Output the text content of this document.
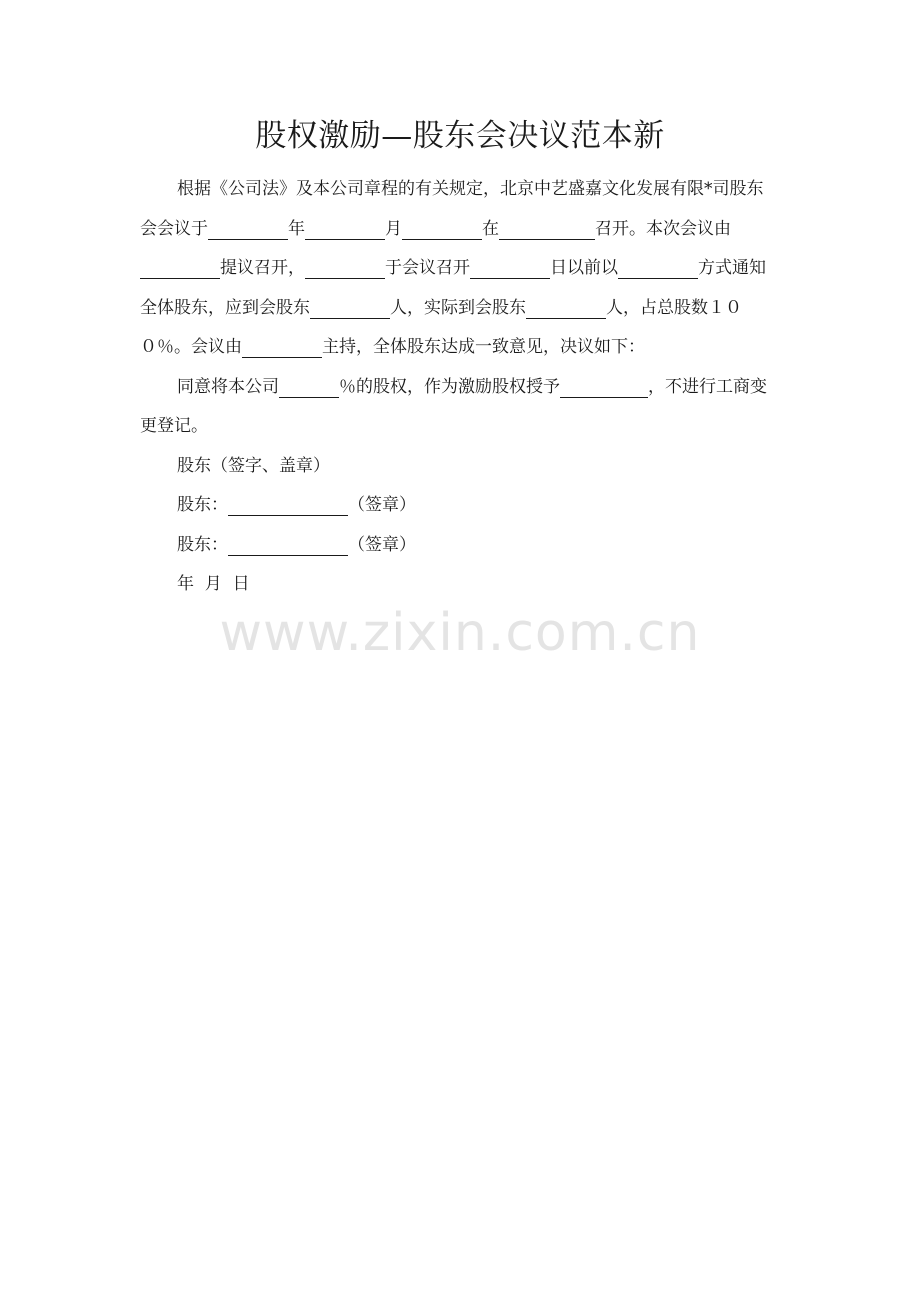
股权激励—股东会决议范本新

根据《公司法》及本公司章程的有关规定，北京中艺盛嘉文化发展有限*司股东会会议于	年	月	在	召开。本次会议由提议召开，	于会议召开	日以前以	方式通知全体股东，应到会股东	人，实际到会股东	人，占总股数１００％。会议由	主持，全体股东达成一致意见，决议如下：

同意将本公司	％的股权，作为激励股权授予	，不进行工商变更登记。

股东（签字、盖章）

股东：	（签章）

股东：	（签章）

年  月  日

www.zixin.com.cn
